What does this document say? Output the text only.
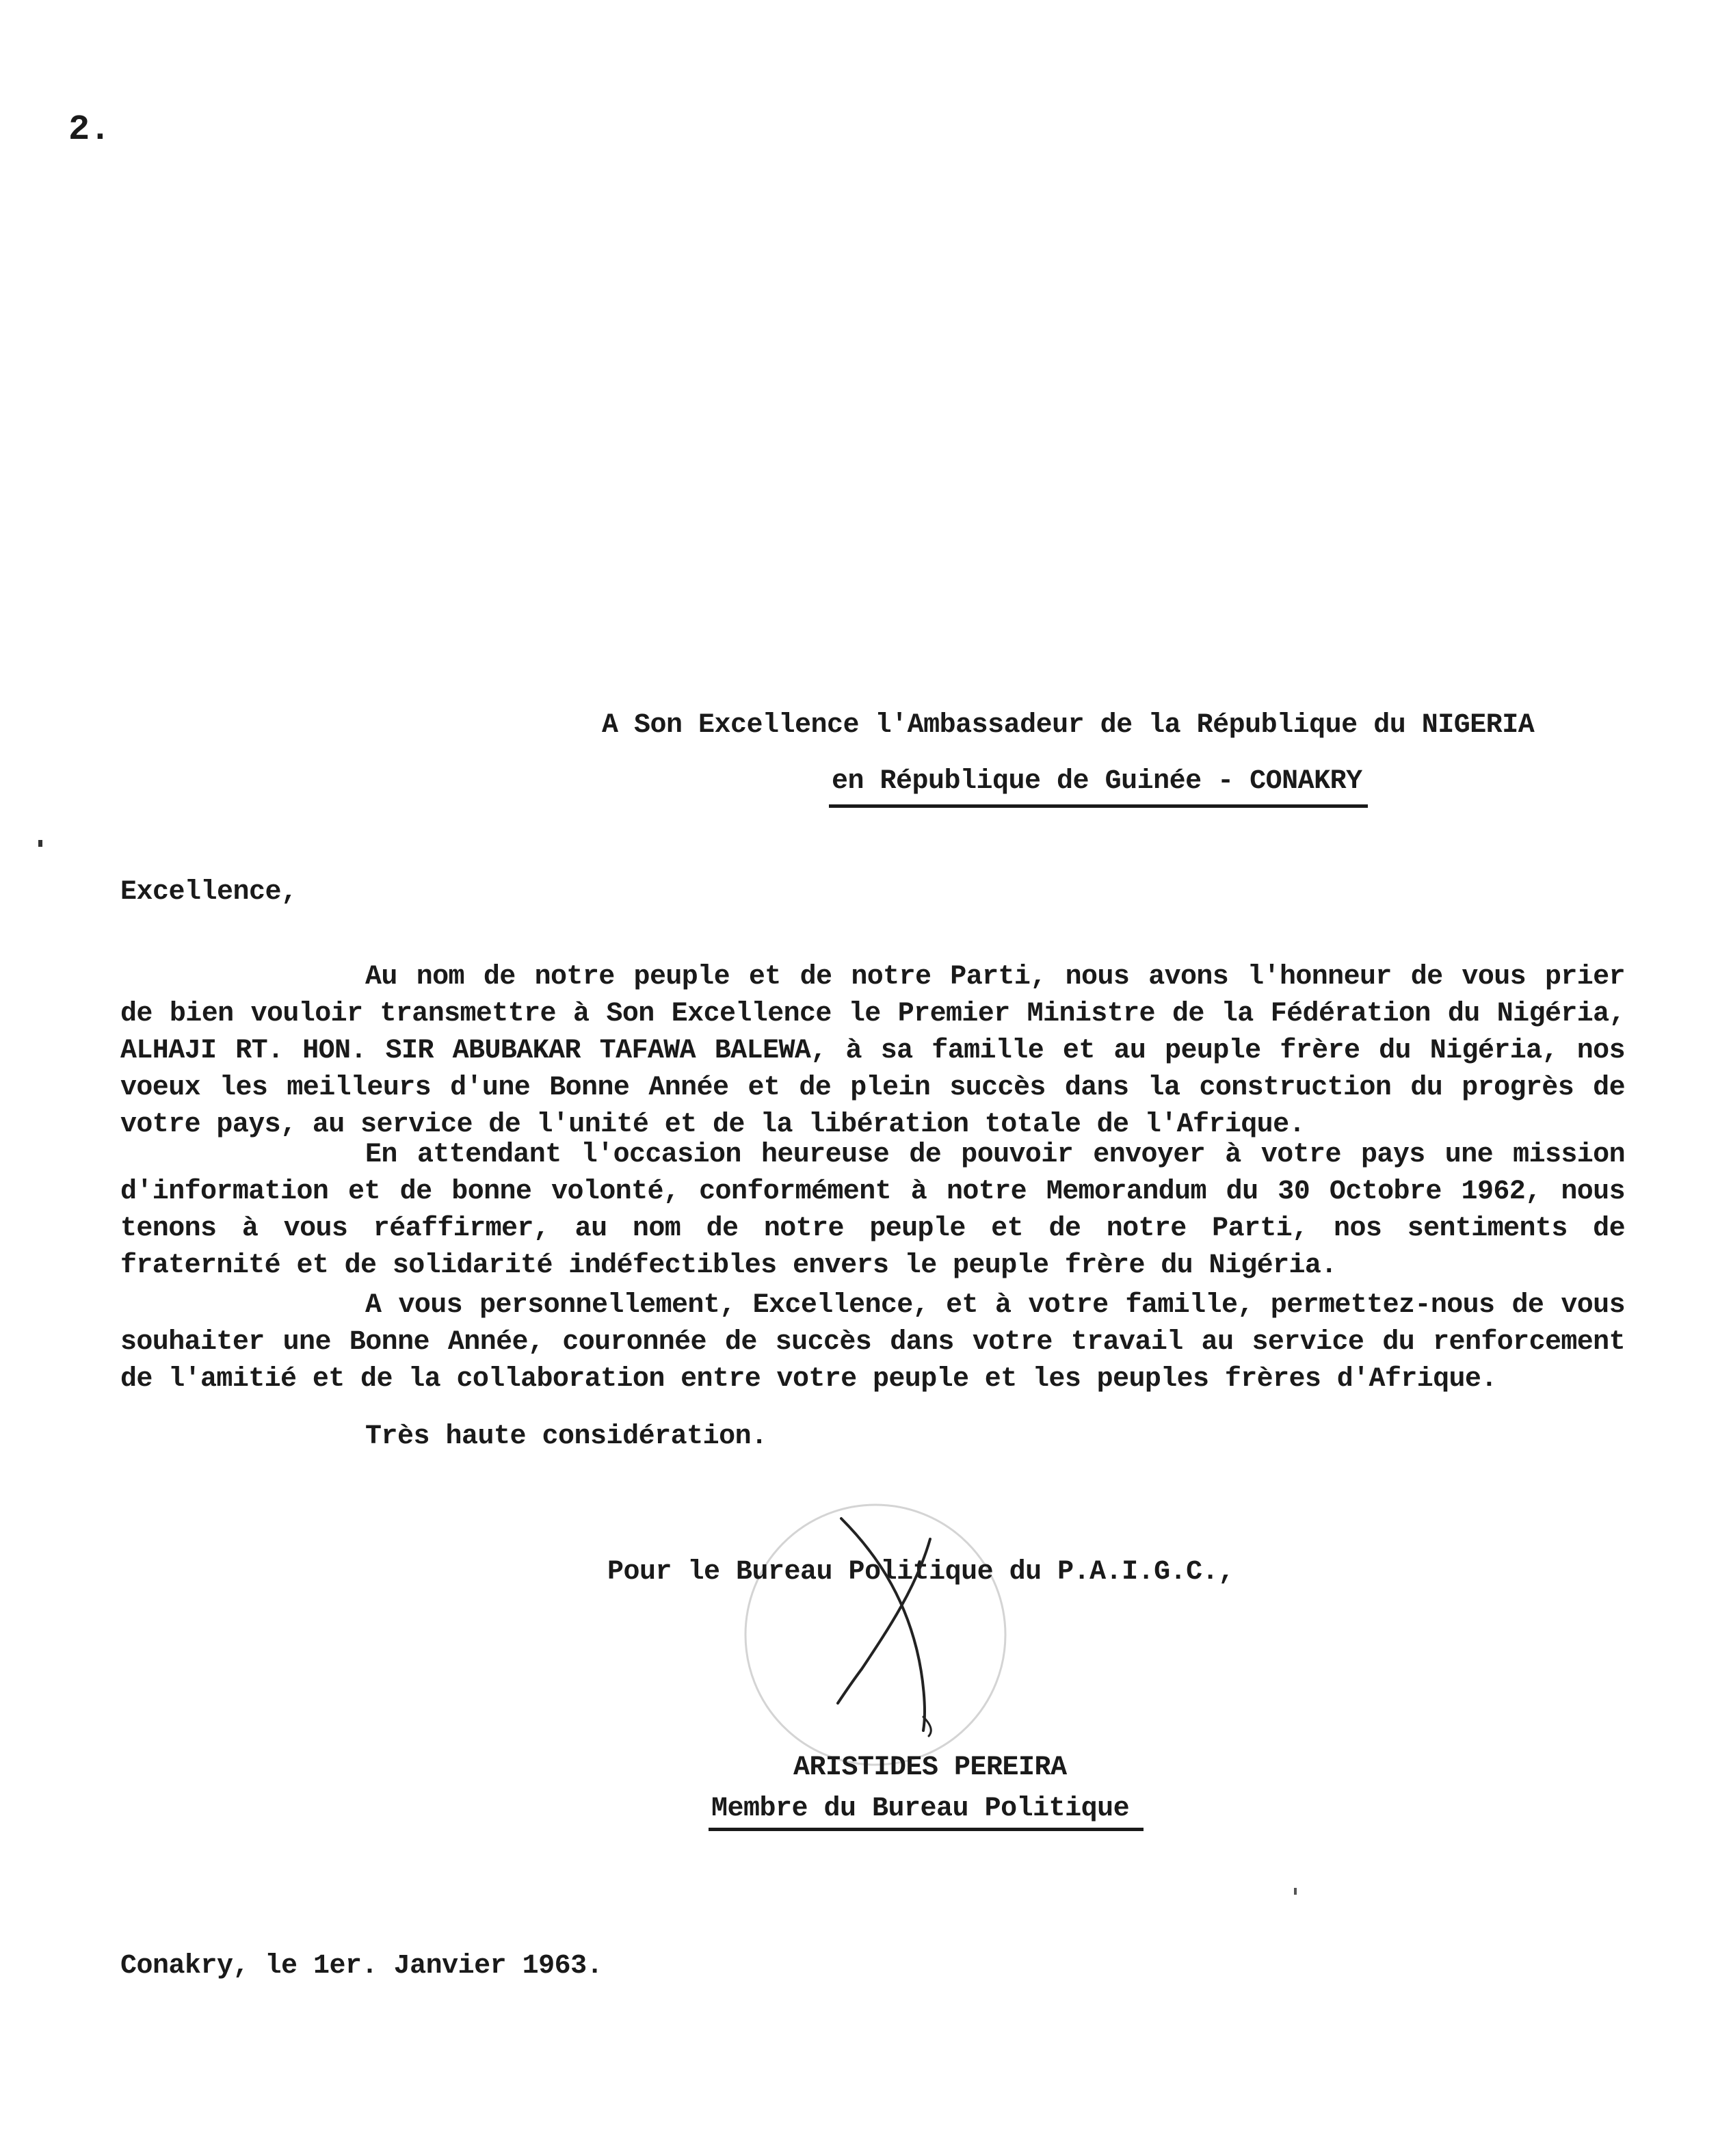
2.
A Son Excellence l'Ambassadeur de la République du NIGERIA
en République de Guinée - CONAKRY
Excellence,

Au nom de notre peuple et de notre Parti, nous avons l'honneur de vous prier de bien vouloir transmettre à Son Excellence le Premier Ministre de la Fédération du Nigéria, ALHAJI RT. HON. SIR ABUBAKAR TAFAWA BALEWA, à sa famille et au peuple frère du Nigéria, nos voeux les meilleurs d'une Bonne Année et de plein succès dans la construction du progrès de votre pays, au service de l'unité et de la libération totale de l'Afrique.

En attendant l'occasion heureuse de pouvoir envoyer à votre pays une mission d'information et de bonne volonté, conformément à notre Memorandum du 30 Octobre 1962, nous tenons à vous réaffirmer, au nom de notre peuple et de notre Parti, nos sentiments de fraternité et de solidarité indéfectibles envers le peuple frère du Nigéria.

A vous personnellement, Excellence, et à votre famille, permettez-nous de vous souhaiter une Bonne Année, couronnée de succès dans votre travail au service du renforcement de l'amitié et de la collaboration entre votre peuple et les peuples frères d'Afrique.

Très haute considération.
Pour le Bureau Politique du P.A.I.G.C.,
ARISTIDES PEREIRA
Membre du Bureau Politique
Conakry, le 1er. Janvier 1963.
